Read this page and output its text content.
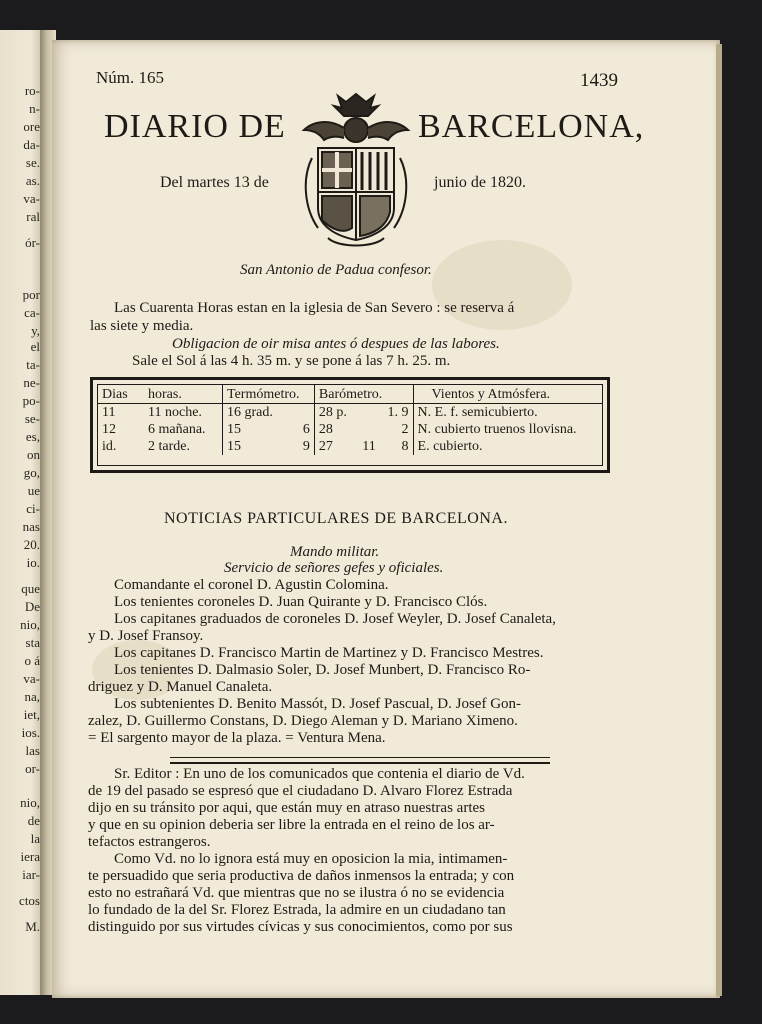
ro-
n-
ore
da-
se.
as.
va-
ral
ór-
por
ca-
y,
el
ta-
ne-
po-
se-
es,
on
go,
ue
ci-
nas
20.
io.
que
De
nio,
sta
o á
va-
na,
iet,
ios.
las
or-
nio,
de
la
iera
iar-
ctos
M.
Núm. 165	1439
DIARIO DE	BARCELONA,
Del martes 13 de	junio de 1820.
San Antonio de Padua confesor.
Las Cuarenta Horas estan en la iglesia de San Severo : se reserva á
las siete y media.
Obligacion de oir misa antes ó despues de las labores.
Sale el Sol á las 4 h. 35 m. y se pone á las 7 h. 25. m.
Dias	horas.	Termómetro.		Barómetro.			Vientos y Atmósfera.
11	11 noche.	16 grad.		28 p.		1. 9	N. E. f. semicubierto.
12	6 mañana.	15	6	28		2	N. cubierto truenos llovisna.
id.	2 tarde.	15	9	27	11	8	E. cubierto.
NOTICIAS PARTICULARES DE BARCELONA.
Mando militar.
Servicio de señores gefes y oficiales.
Comandante el coronel D. Agustin Colomina.
Los tenientes coroneles D. Juan Quirante y D. Francisco Clós.
Los capitanes graduados de coroneles D. Josef Weyler, D. Josef Canaleta,
y D. Josef Fransoy.
Los capitanes D. Francisco Martin de Martinez y D. Francisco Mestres.
Los tenientes D. Dalmasio Soler, D. Josef Munbert, D. Francisco Ro-
driguez y D. Manuel Canaleta.
Los subtenientes D. Benito Massót, D. Josef Pascual, D. Josef Gon-
zalez, D. Guillermo Constans, D. Diego Aleman y D. Mariano Ximeno.
= El sargento mayor de la plaza. = Ventura Mena.
Sr. Editor : En uno de los comunicados que contenia el diario de Vd.
de 19 del pasado se espresó que el ciudadano D. Alvaro Florez Estrada
dijo en su tránsito por aqui, que están muy en atraso nuestras artes
y que en su opinion deberia ser libre la entrada en el reino de los ar-
tefactos estrangeros.
Como Vd. no lo ignora está muy en oposicion la mia, intimamen-
te persuadido que seria productiva de daños inmensos la entrada; y con
esto no estrañará Vd. que mientras que no se ilustra ó no se evidencia
lo fundado de la del Sr. Florez Estrada, la admire en un ciudadano tan
distinguido por sus virtudes cívicas y sus conocimientos, como por sus
